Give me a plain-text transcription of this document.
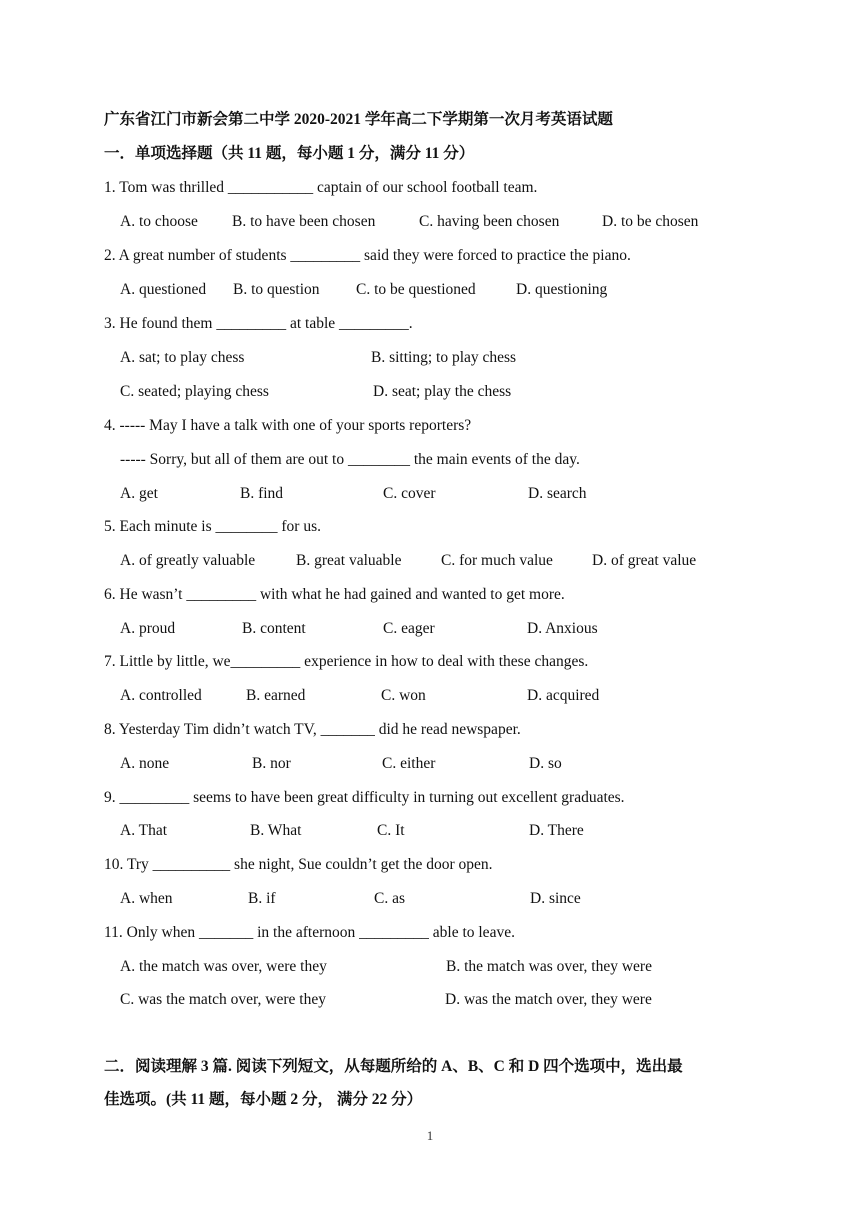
广东省江门市新会第二中学 2020-2021 学年高二下学期第一次月考英语试题
一．单项选择题（共 11 题，每小题 1 分，满分 11 分）
1. Tom was thrilled ___________ captain of our school football team.
A. to choose B. to have been chosen	C. having been chosen	D. to be chosen
2. A great number of students _________ said they were forced to practice the piano.
A. questioned B. to question C. to be questioned	D. questioning
3. He found them _________ at table _________.
A. sat; to play chess	B. sitting; to play chess
C. seated; playing chess	D. seat; play the chess
4. ----- May I have a talk with one of your sports reporters?
----- Sorry, but all of them are out to ________ the main events of the day.
A. get	B. find	C. cover	D. search
5. Each minute is ________ for us.
A. of greatly valuable	B. great valuable	C. for much value	D. of great value
6. He wasn’t _________ with what he had gained and wanted to get more.
A. proud	B. content	C. eager	D. Anxious
7. Little by little, we_________ experience in how to deal with these changes.
A. controlled	B. earned	C. won	D. acquired
8. Yesterday Tim didn’t watch TV, _______ did he read newspaper.
A. none	B. nor	C. either	D. so
9. _________ seems to have been great difficulty in turning out excellent graduates.
A. That	B. What	C. It	D. There
10. Try __________ she night, Sue couldn’t get the door open.
A. when	B. if	C. as	D. since
11. Only when _______ in the afternoon _________ able to leave.
A. the match was over, were they	B. the match was over, they were
C. was the match over, were they	D. was the match over, they were
二．阅读理解 3 篇. 阅读下列短文，从每题所给的 A、B、C 和 D 四个选项中，选出最
佳选项。(共 11 题，每小题 2 分， 满分 22 分）
1
